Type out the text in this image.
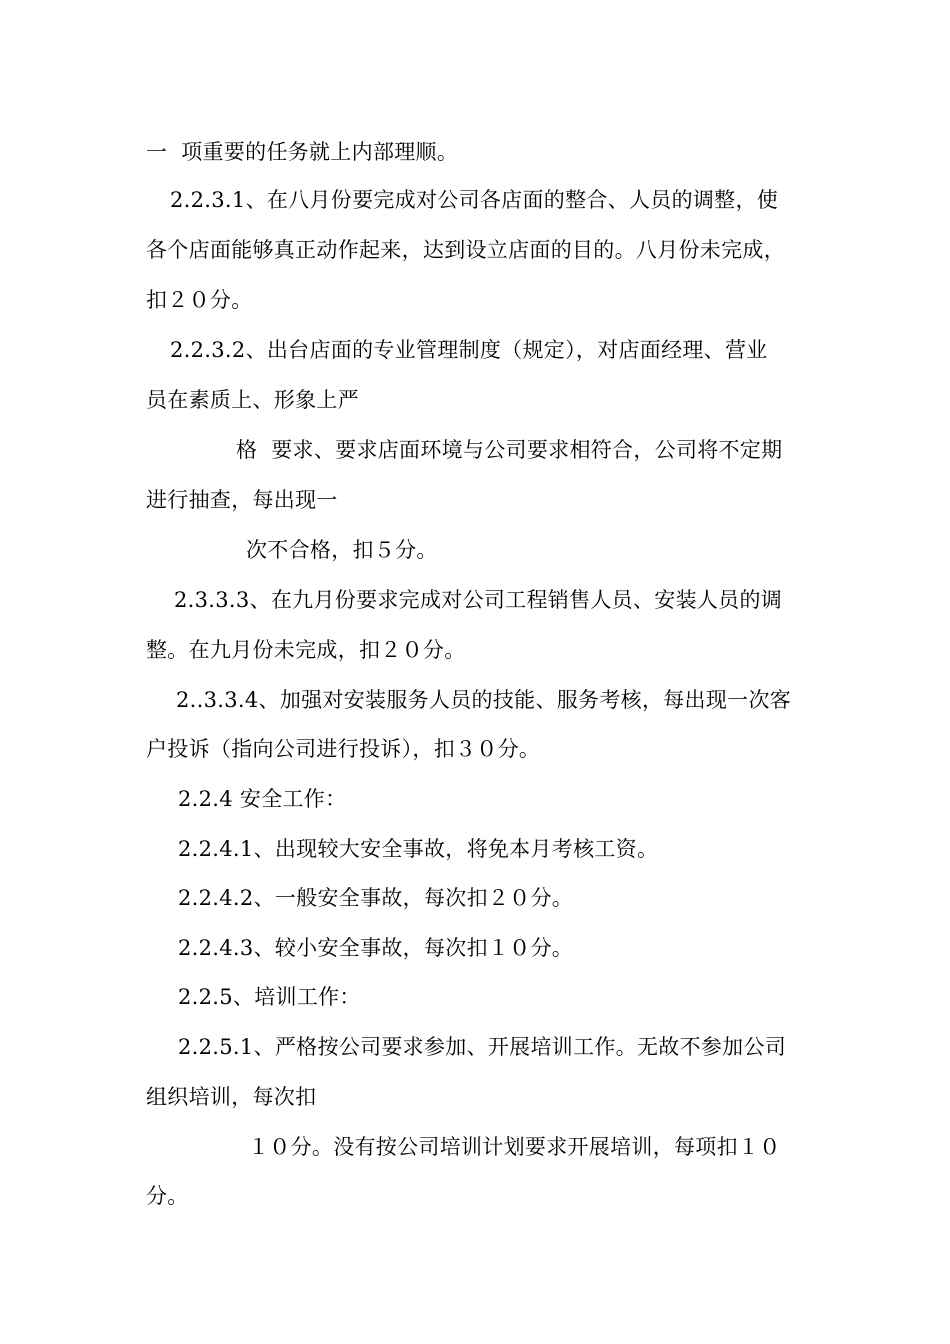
一  项重要的任务就上内部理顺。
2.2.3.1、在八月份要完成对公司各店面的整合、人员的调整，使
各个店面能够真正动作起来，达到设立店面的目的。八月份未完成，
扣２０分。
2.2.3.2、出台店面的专业管理制度（规定），对店面经理、营业
员在素质上、形象上严
格  要求、要求店面环境与公司要求相符合，公司将不定期
进行抽查，每出现一
次不合格，扣５分。
2.3.3.3、在九月份要求完成对公司工程销售人员、安装人员的调
整。在九月份未完成，扣２０分。
2..3.3.4、加强对安装服务人员的技能、服务考核，每出现一次客
户投诉（指向公司进行投诉），扣３０分。
2.2.4 安全工作：
2.2.4.1、出现较大安全事故，将免本月考核工资。
2.2.4.2、一般安全事故，每次扣２０分。
2.2.4.3、较小安全事故，每次扣１０分。
2.2.5、培训工作：
2.2.5.1、严格按公司要求参加、开展培训工作。无故不参加公司
组织培训，每次扣
１０分。没有按公司培训计划要求开展培训，每项扣１０
分。
